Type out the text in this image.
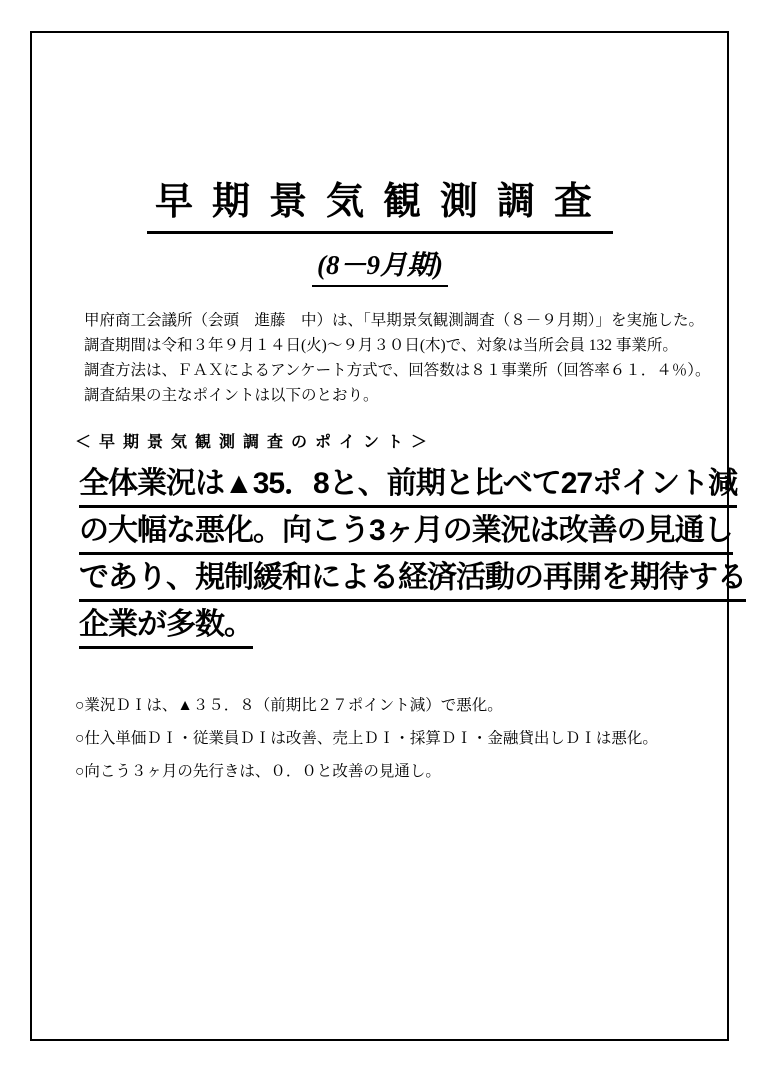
早期景気観測調査
(8－9月期)
甲府商工会議所（会頭　進藤　中）は、「早期景気観測調査（８－９月期）」を実施した。
調査期間は令和３年９月１４日(火)～９月３０日(木)で、対象は当所会員 132 事業所。
調査方法は、ＦＡＸによるアンケート方式で、回答数は８１事業所（回答率６１．４％）。
調査結果の主なポイントは以下のとおり。
＜早期景気観測調査のポイント＞
全体業況は▲35．8と、前期と比べて27ポイント減
の大幅な悪化。向こう3ヶ月の業況は改善の見通し
であり、規制緩和による経済活動の再開を期待する
企業が多数。
○業況ＤＩは、▲３５．８（前期比２７ポイント減）で悪化。
○仕入単価ＤＩ・従業員ＤＩは改善、売上ＤＩ・採算ＤＩ・金融貸出しＤＩは悪化。
○向こう３ヶ月の先行きは、０．０と改善の見通し。
